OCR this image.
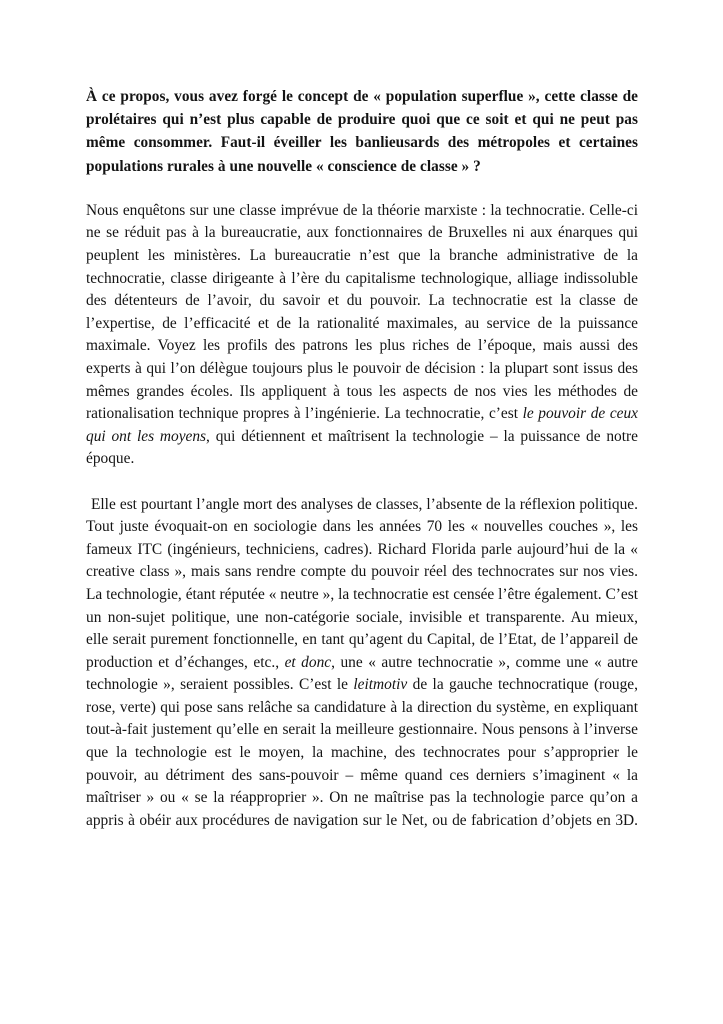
À ce propos, vous avez forgé le concept de « population superflue », cette classe de prolétaires qui n’est plus capable de produire quoi que ce soit et qui ne peut pas même consommer. Faut-il éveiller les banlieusards des métropoles et certaines populations rurales à une nouvelle « conscience de classe » ?

Nous enquêtons sur une classe imprévue de la théorie marxiste : la technocratie. Celle-ci ne se réduit pas à la bureaucratie, aux fonctionnaires de Bruxelles ni aux énarques qui peuplent les ministères. La bureaucratie n’est que la branche administrative de la technocratie, classe dirigeante à l’ère du capitalisme technologique, alliage indissoluble des détenteurs de l’avoir, du savoir et du pouvoir. La technocratie est la classe de l’expertise, de l’efficacité et de la rationalité maximales, au service de la puissance maximale. Voyez les profils des patrons les plus riches de l’époque, mais aussi des experts à qui l’on délègue toujours plus le pouvoir de décision : la plupart sont issus des mêmes grandes écoles. Ils appliquent à tous les aspects de nos vies les méthodes de rationalisation technique propres à l’ingénierie. La technocratie, c’est le pouvoir de ceux qui ont les moyens, qui détiennent et maîtrisent la technologie – la puissance de notre époque.

Elle est pourtant l’angle mort des analyses de classes, l’absente de la réflexion politique. Tout juste évoquait-on en sociologie dans les années 70 les « nouvelles couches », les fameux ITC (ingénieurs, techniciens, cadres). Richard Florida parle aujourd’hui de la « creative class », mais sans rendre compte du pouvoir réel des technocrates sur nos vies. La technologie, étant réputée « neutre », la technocratie est censée l’être également. C’est un non-sujet politique, une non-catégorie sociale, invisible et transparente. Au mieux, elle serait purement fonctionnelle, en tant qu’agent du Capital, de l’Etat, de l’appareil de production et d’échanges, etc., et donc, une « autre technocratie », comme une « autre technologie », seraient possibles. C’est le leitmotiv de la gauche technocratique (rouge, rose, verte) qui pose sans relâche sa candidature à la direction du système, en expliquant tout-à-fait justement qu’elle en serait la meilleure gestionnaire. Nous pensons à l’inverse que la technologie est le moyen, la machine, des technocrates pour s’approprier le pouvoir, au détriment des sans-pouvoir – même quand ces derniers s’imaginent « la maîtriser » ou « se la réapproprier ». On ne maîtrise pas la technologie parce qu’on a appris à obéir aux procédures de navigation sur le Net, ou de fabrication d’objets en 3D.
